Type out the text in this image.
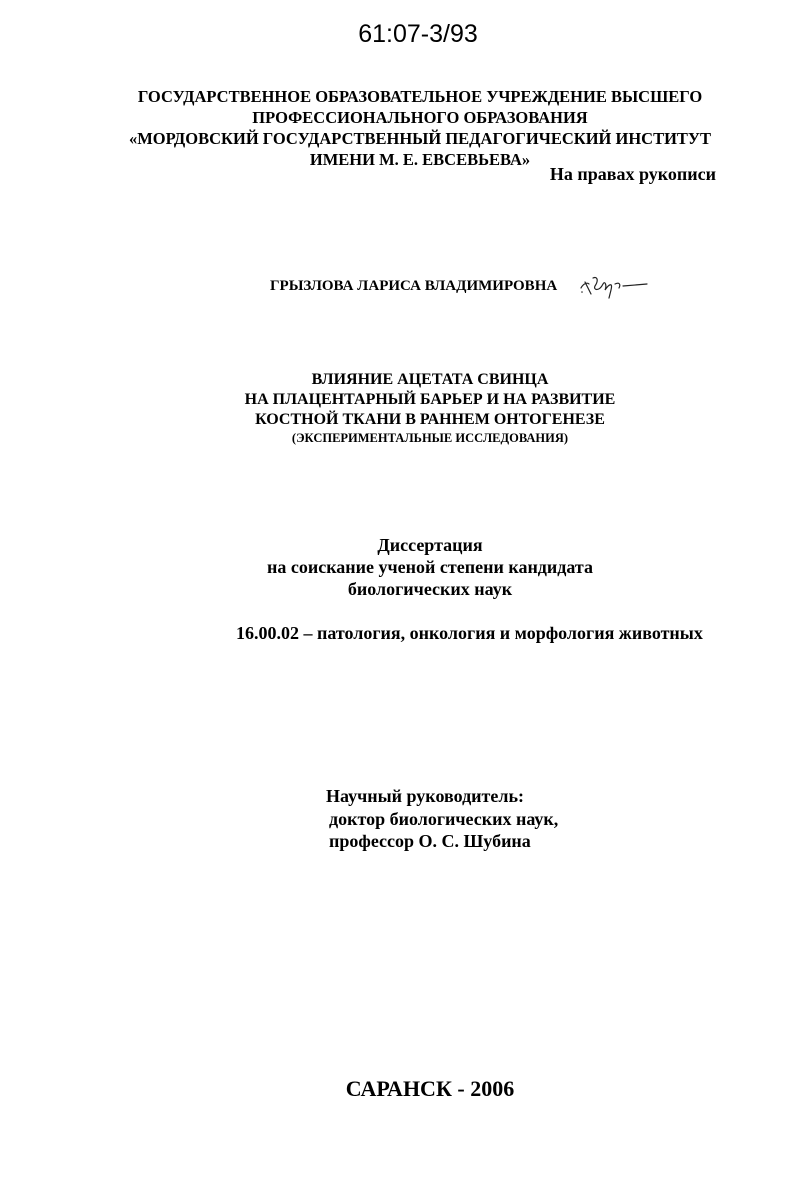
61:07-3/93
ГОСУДАРСТВЕННОЕ ОБРАЗОВАТЕЛЬНОЕ УЧРЕЖДЕНИЕ ВЫСШЕГО
ПРОФЕССИОНАЛЬНОГО ОБРАЗОВАНИЯ
«МОРДОВСКИЙ ГОСУДАРСТВЕННЫЙ ПЕДАГОГИЧЕСКИЙ ИНСТИТУТ
ИМЕНИ М. Е. ЕВСЕВЬЕВА»
На правах рукописи
ГРЫЗЛОВА ЛАРИСА ВЛАДИМИРОВНА
ВЛИЯНИЕ АЦЕТАТА СВИНЦА
НА ПЛАЦЕНТАРНЫЙ БАРЬЕР И НА РАЗВИТИЕ
КОСТНОЙ ТКАНИ В РАННЕМ ОНТОГЕНЕЗЕ
(ЭКСПЕРИМЕНТАЛЬНЫЕ ИССЛЕДОВАНИЯ)
Диссертация
на соискание ученой степени кандидата
биологических наук
16.00.02 – патология, онкология и морфология животных
Научный руководитель:
доктор биологических наук,
профессор О. С. Шубина
САРАНСК - 2006
